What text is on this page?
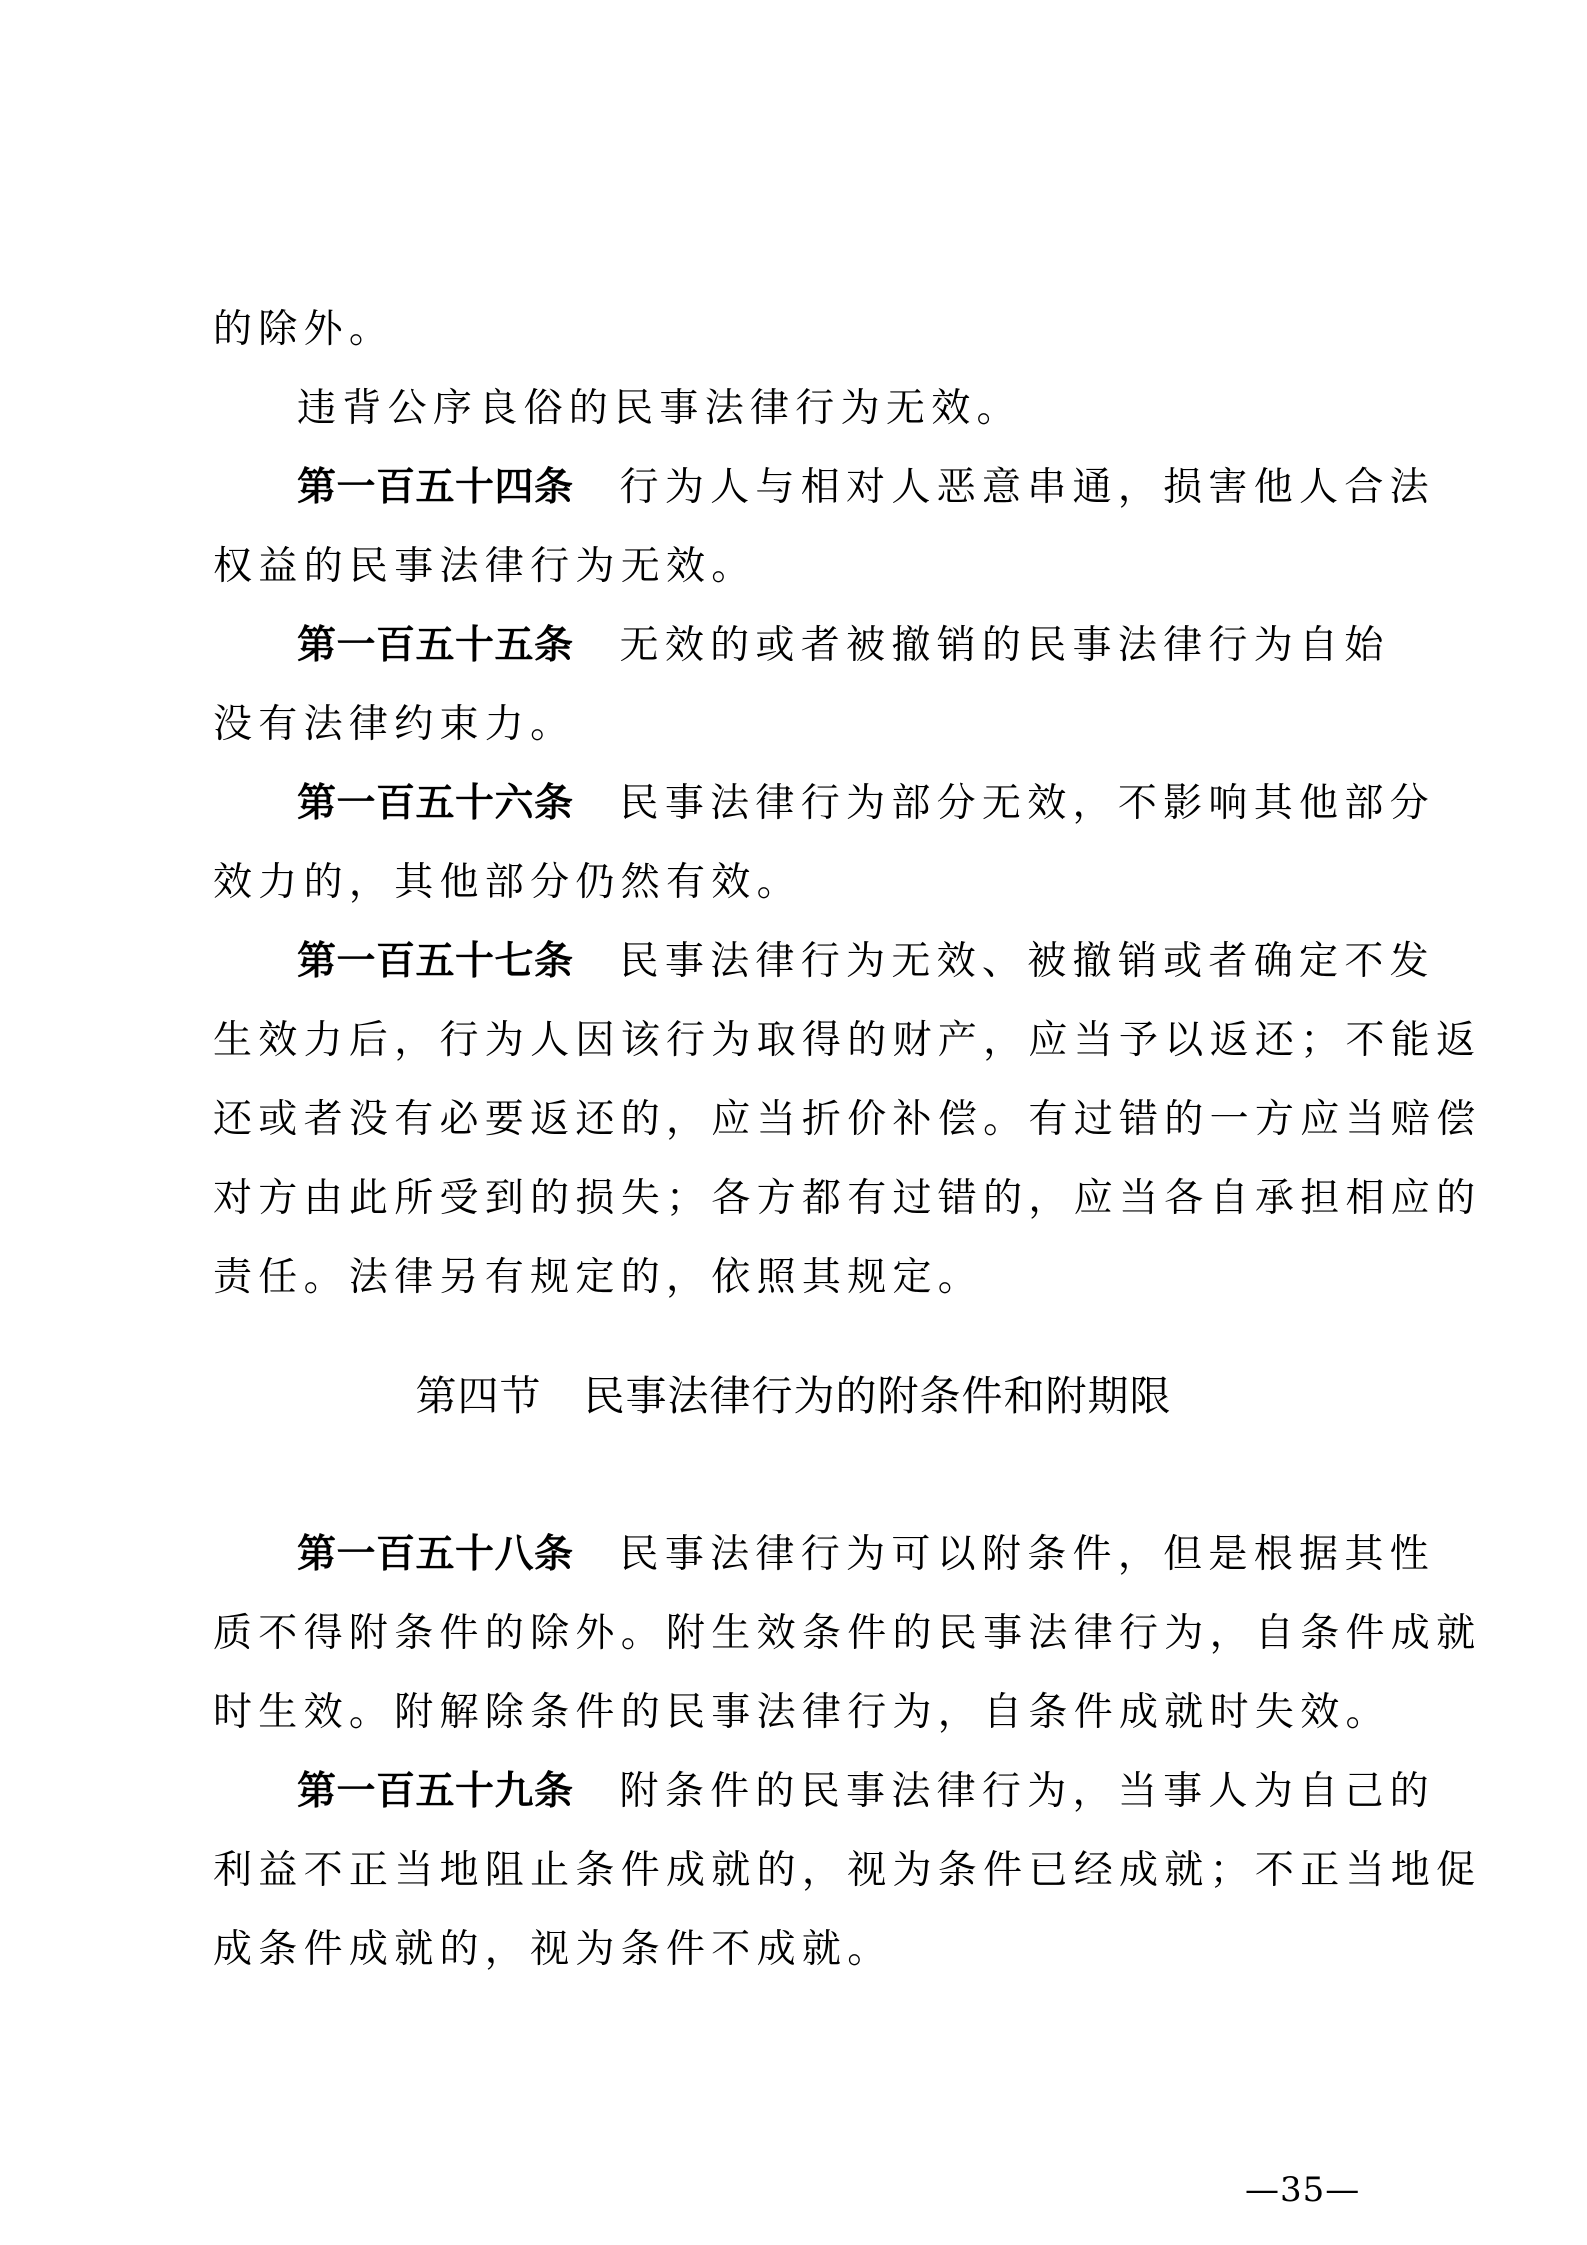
的除外。
违背公序良俗的民事法律行为无效。
第一百五十四条 行为人与相对人恶意串通，损害他人合法
权益的民事法律行为无效。
第一百五十五条 无效的或者被撤销的民事法律行为自始
没有法律约束力。
第一百五十六条 民事法律行为部分无效，不影响其他部分
效力的，其他部分仍然有效。
第一百五十七条 民事法律行为无效、被撤销或者确定不发
生效力后，行为人因该行为取得的财产，应当予以返还；不能返
还或者没有必要返还的，应当折价补偿。有过错的一方应当赔偿
对方由此所受到的损失；各方都有过错的，应当各自承担相应的
责任。法律另有规定的，依照其规定。
第四节 民事法律行为的附条件和附期限
第一百五十八条 民事法律行为可以附条件，但是根据其性
质不得附条件的除外。附生效条件的民事法律行为，自条件成就
时生效。附解除条件的民事法律行为，自条件成就时失效。
第一百五十九条 附条件的民事法律行为，当事人为自己的
利益不正当地阻止条件成就的，视为条件已经成就；不正当地促
成条件成就的，视为条件不成就。
—35—
